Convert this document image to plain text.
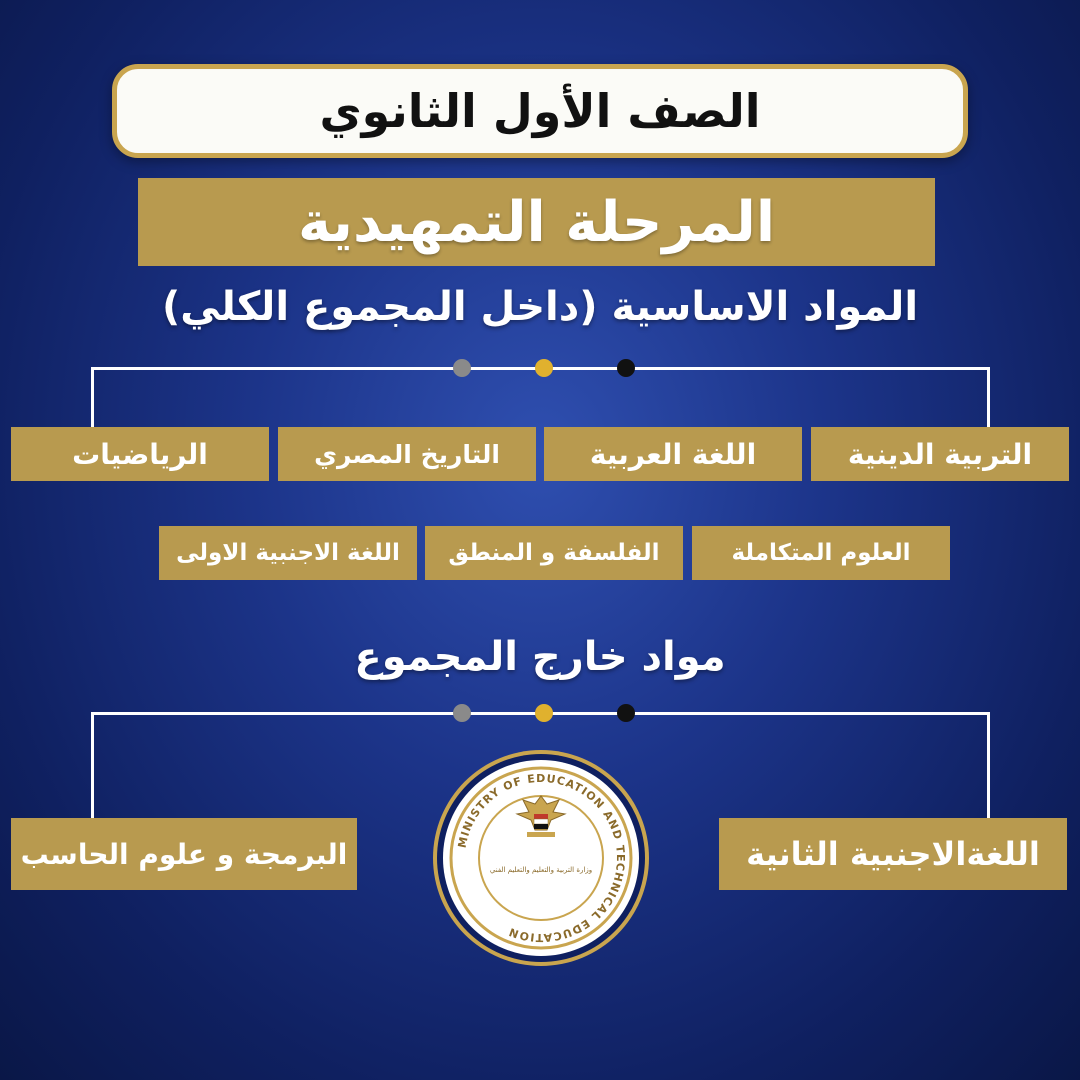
الصف الأول الثانوي
المرحلة التمهيدية
المواد الاساسية (داخل المجموع الكلي)
التربية الدينية
اللغة العربية
التاريخ المصري
الرياضيات
العلوم المتكاملة
الفلسفة و المنطق
اللغة الاجنبية الاولى
مواد خارج المجموع
اللغةالاجنبية الثانية
البرمجة و علوم الحاسب	MINISTRY OF EDUCATION AND TECHNICAL EDUCATION
وزارة التربية والتعليم والتعليم الفني
